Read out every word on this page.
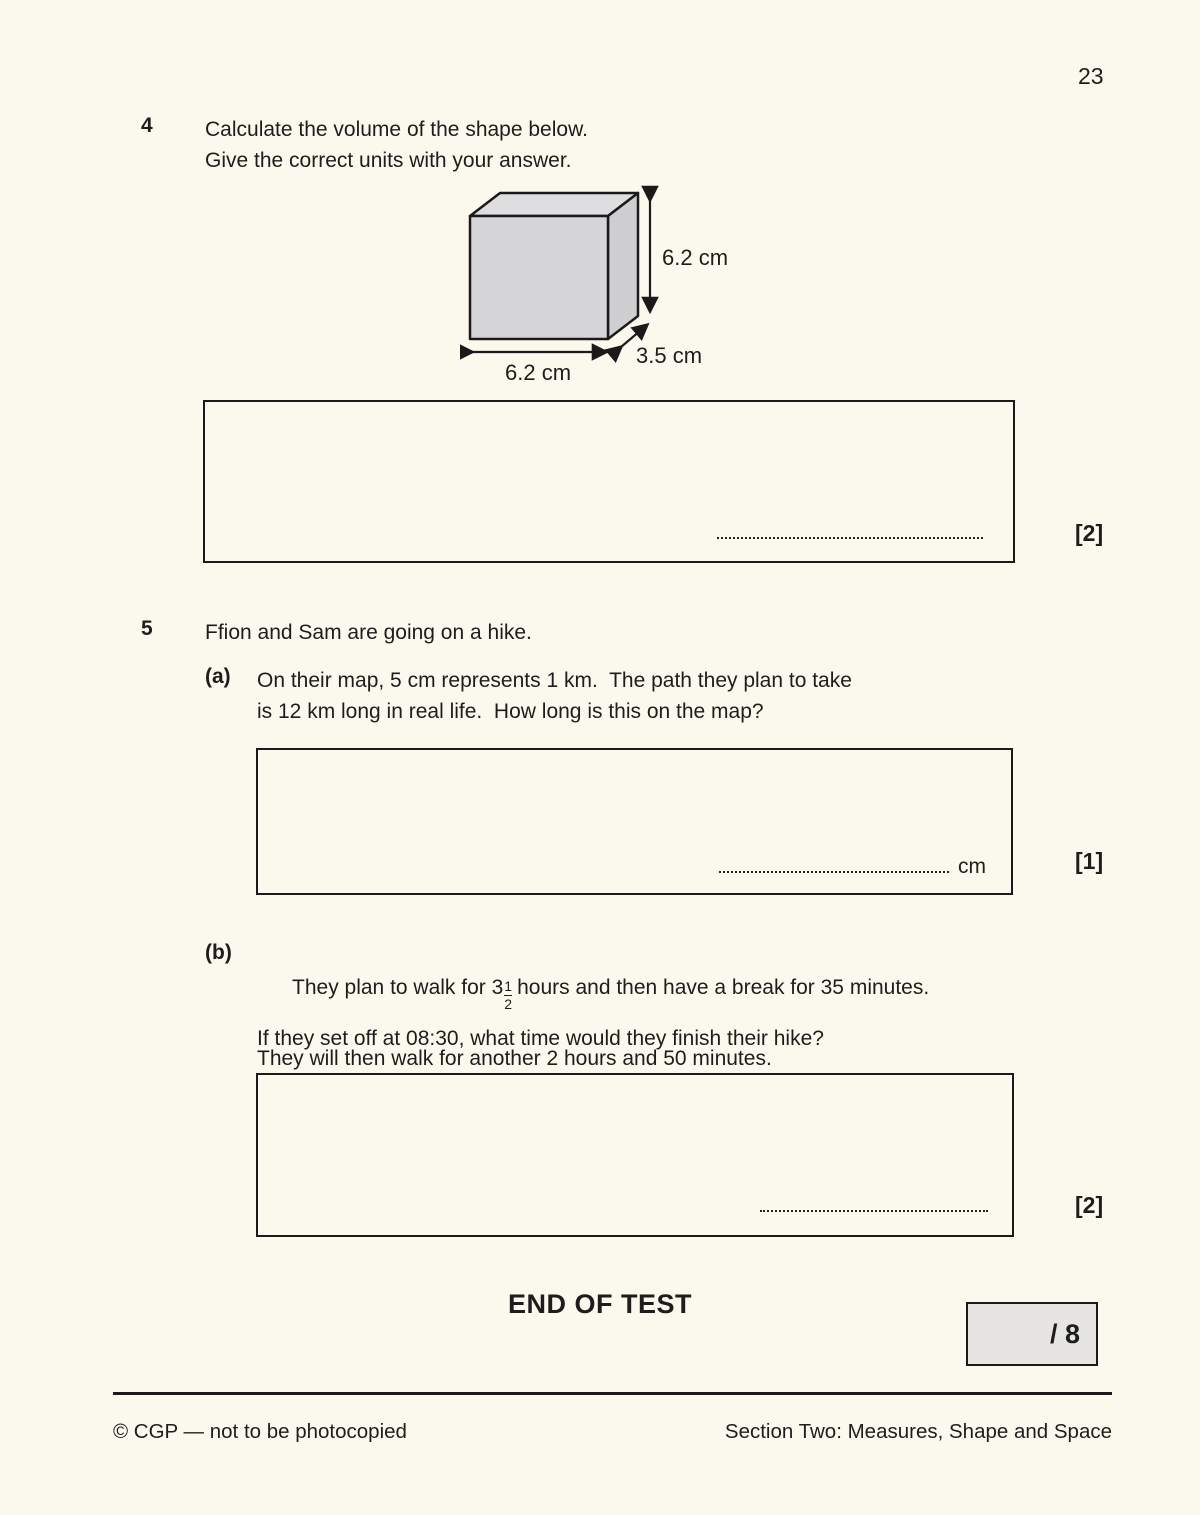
23
4 Calculate the volume of the shape below.
Give the correct units with your answer.
6.2 cm
3.5 cm
6.2 cm
[2]
5 Ffion and Sam are going on a hike.
(a) On their map, 5 cm represents 1 km.  The path they plan to take
is 12 km long in real life.  How long is this on the map?
cm	[1]
(b)

They plan to walk for $3\frac{1}{2}$ hours and then have a break for 35 minutes.

They will then walk for another 2 hours and 50 minutes.
If they set off at 08:30, what time would they finish their hike?
[2]
END OF TEST
/ 8
© CGP — not to be photocopied	Section Two: Measures, Shape and Space
